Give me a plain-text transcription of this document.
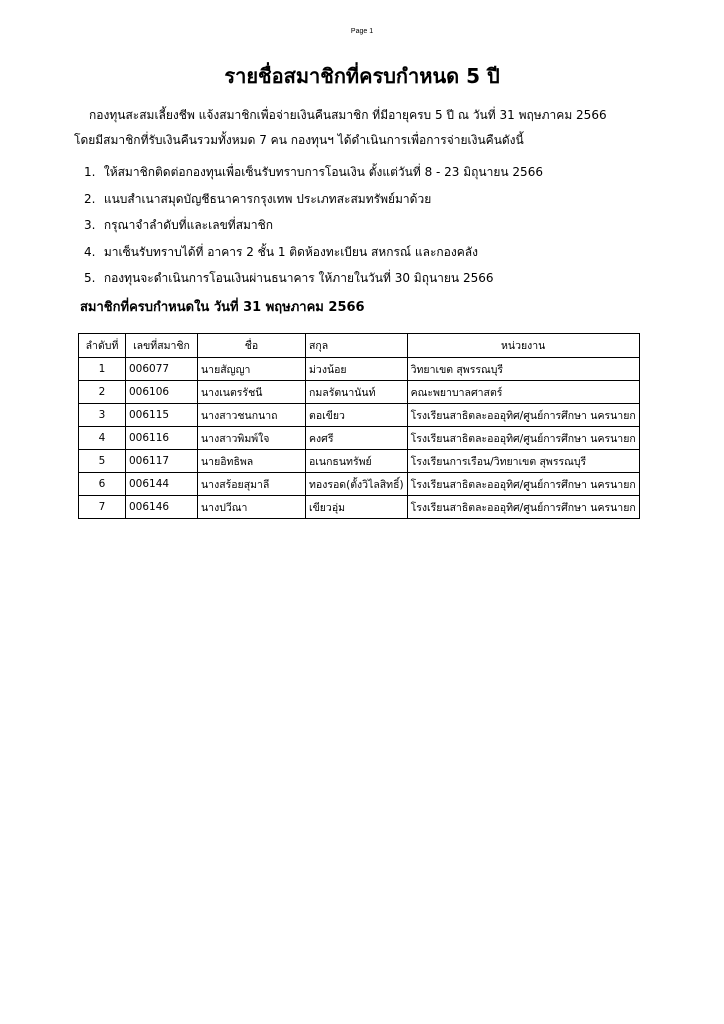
Page 1
รายชื่อสมาชิกที่ครบกำหนด 5 ปี
กองทุนสะสมเลี้ยงชีพ แจ้งสมาชิกเพื่อจ่ายเงินคืนสมาชิก ที่มีอายุครบ 5 ปี ณ วันที่ 31 พฤษภาคม 2566
โดยมีสมาชิกที่รับเงินคืนรวมทั้งหมด 7 คน กองทุนฯ ได้ดำเนินการเพื่อการจ่ายเงินคืนดังนี้
1. ให้สมาชิกติดต่อกองทุนเพื่อเซ็นรับทราบการโอนเงิน ตั้งแต่วันที่ 8 - 23 มิถุนายน 2566
2. แนบสำเนาสมุดบัญชีธนาคารกรุงเทพ ประเภทสะสมทรัพย์มาด้วย
3. กรุณาจำลำดับที่และเลขที่สมาชิก
4. มาเซ็นรับทราบได้ที่ อาคาร 2 ชั้น 1 ติดห้องทะเบียน สหกรณ์ และกองคลัง
5. กองทุนจะดำเนินการโอนเงินผ่านธนาคาร ให้ภายในวันที่ 30 มิถุนายน 2566
สมาชิกที่ครบกำหนดใน วันที่ 31 พฤษภาคม 2566
ลำดับที่	เลขที่สมาชิก	ชื่อ	สกุล	หน่วยงาน
1	006077	นายสัญญา	ม่วงน้อย	วิทยาเขต สุพรรณบุรี
2	006106	นางเนตรรัชนี	กมลรัตนานันท์	คณะพยาบาลศาสตร์
3	006115	นางสาวชนกนาถ	ตอเขียว	โรงเรียนสาธิตละอออุทิศ/ศูนย์การศึกษา นครนายก
4	006116	นางสาวพิมพ์ใจ	คงศรี	โรงเรียนสาธิตละอออุทิศ/ศูนย์การศึกษา นครนายก
5	006117	นายอิทธิพล	อเนกธนทรัพย์	โรงเรียนการเรือน/วิทยาเขต สุพรรณบุรี
6	006144	นางสร้อยสุมาลี	ทองรอด(ตั้งวิไลสิทธิ์)	โรงเรียนสาธิตละอออุทิศ/ศูนย์การศึกษา นครนายก
7	006146	นางปวีณา	เขียวอุ่ม	โรงเรียนสาธิตละอออุทิศ/ศูนย์การศึกษา นครนายก
